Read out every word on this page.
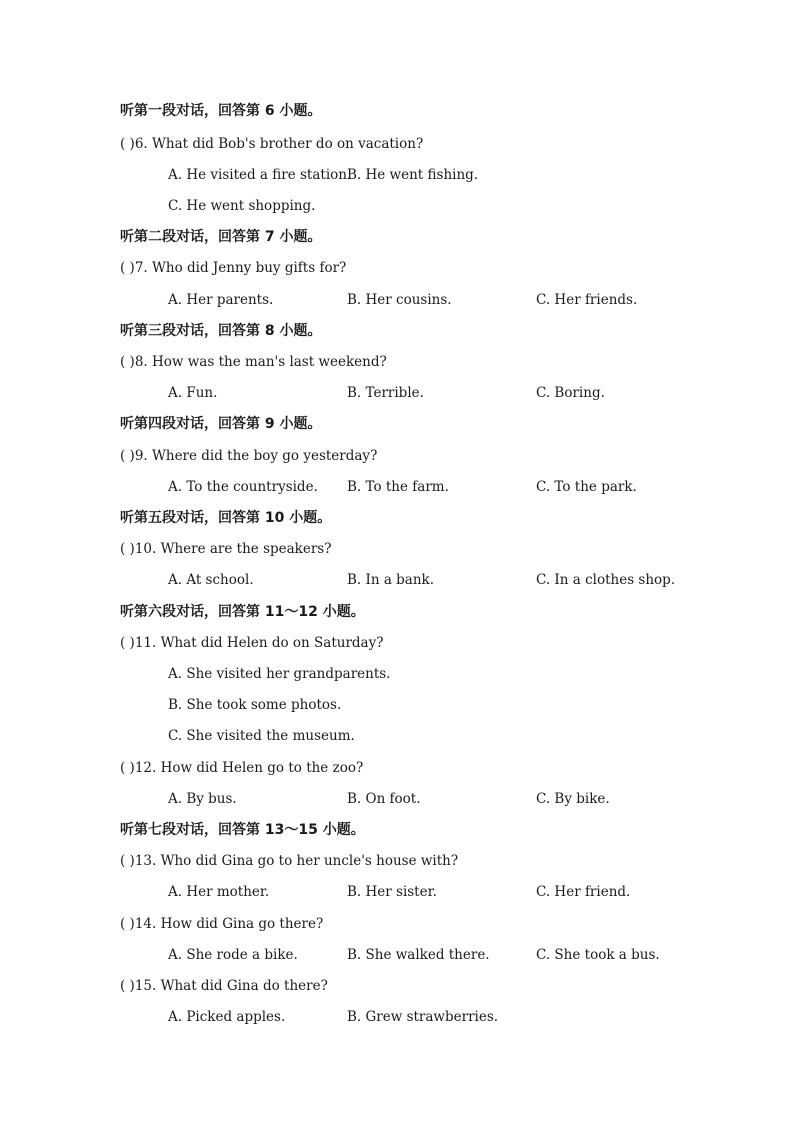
听第一段对话，回答第 6 小题。
( )6. What did Bob's brother do on vacation?
A. He visited a fire station.
B. He went fishing.
C. He went shopping.
听第二段对话，回答第 7 小题。
( )7. Who did Jenny buy gifts for?
A. Her parents.	B. Her cousins.	C. Her friends.
听第三段对话，回答第 8 小题。
( )8. How was the man's last weekend?
A. Fun.	B. Terrible.	C. Boring.
听第四段对话，回答第 9 小题。
( )9. Where did the boy go yesterday?
A. To the countryside. B. To the farm.	C. To the park.
听第五段对话，回答第 10 小题。
( )10. Where are the speakers?
A. At school.	B. In a bank.	C. In a clothes shop.
听第六段对话，回答第 11～12 小题。
( )11. What did Helen do on Saturday?
A. She visited her grandparents.
B. She took some photos.
C. She visited the museum.
( )12. How did Helen go to the zoo?
A. By bus.	B. On foot.	C. By bike.
听第七段对话，回答第 13～15 小题。
( )13. Who did Gina go to her uncle's house with?
A. Her mother.	B. Her sister.	C. Her friend.
( )14. How did Gina go there?
A. She rode a bike.	B. She walked there.	C. She took a bus.
( )15. What did Gina do there?
A. Picked apples.	B. Grew strawberries.
